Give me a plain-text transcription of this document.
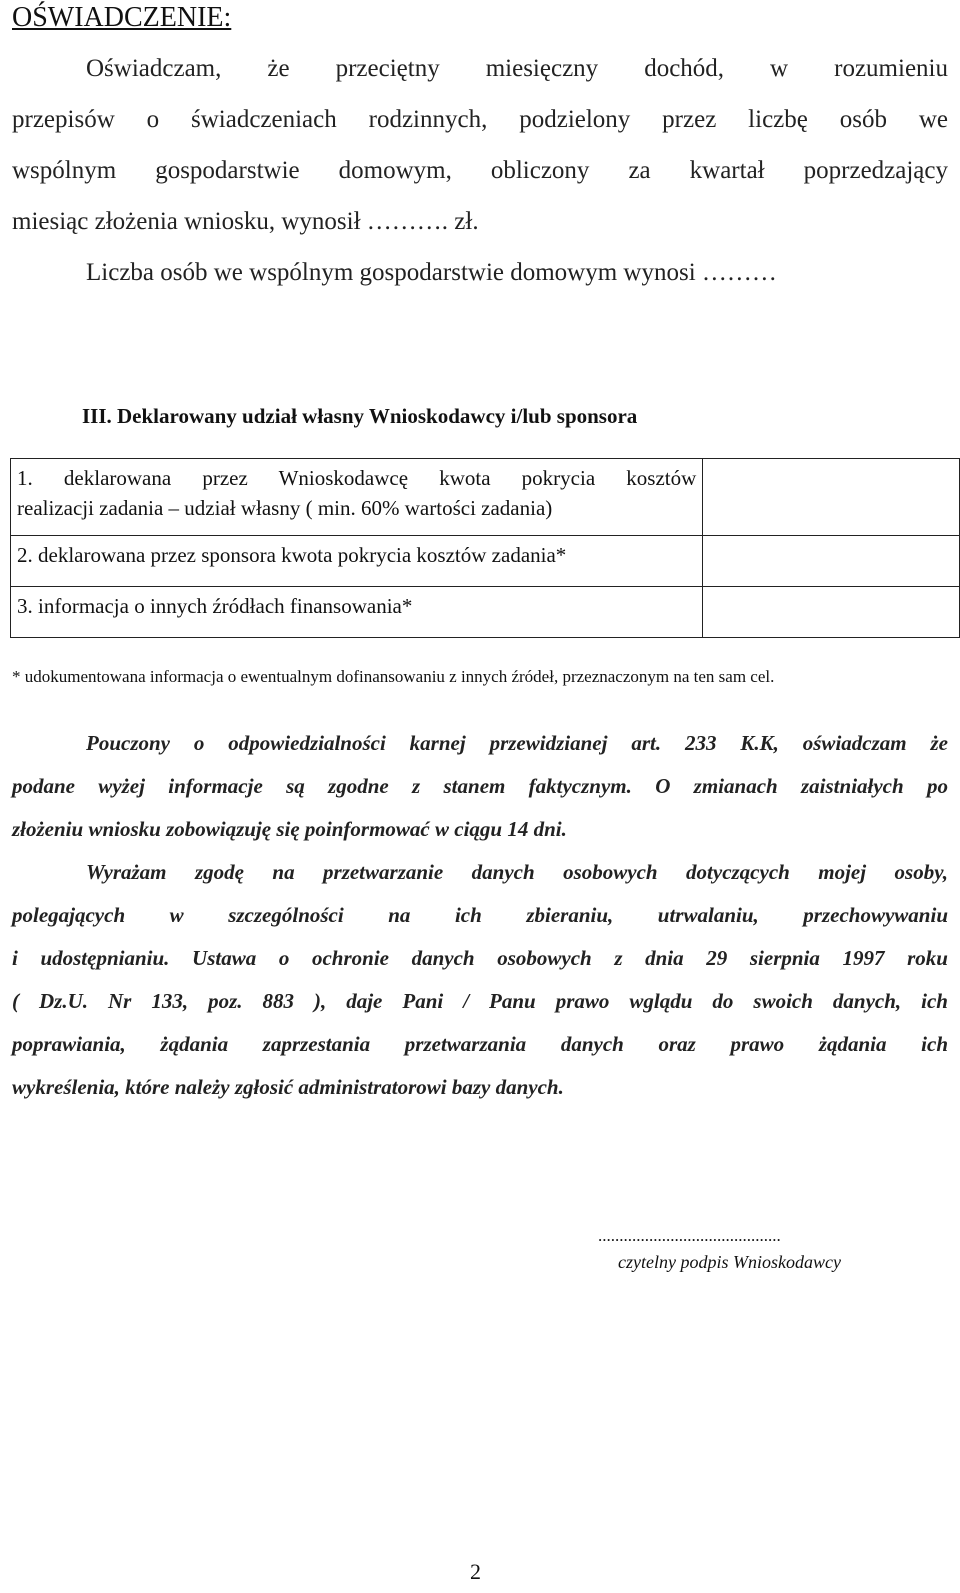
OŚWIADCZENIE:

Oświadczam, że przeciętny miesięczny dochód, w rozumieniu

przepisów o świadczeniach rodzinnych, podzielony przez liczbę osób we

wspólnym gospodarstwie domowym, obliczony za kwartał poprzedzający

miesiąc złożenia wniosku, wynosił ………. zł.

Liczba osób we wspólnym gospodarstwie domowym wynosi ………

III. Deklarowany udział własny Wnioskodawcy i/lub sponsora

1. deklarowana przez Wnioskodawcę kwota pokrycia kosztów

realizacji zadania – udział własny ( min. 60% wartości zadania)	

2. deklarowana przez sponsora kwota pokrycia kosztów zadania*	
3. informacja o innych źródłach finansowania*	
* udokumentowana informacja o ewentualnym dofinansowaniu z innych źródeł, przeznaczonym na ten sam cel.

Pouczony o odpowiedzialności karnej przewidzianej art. 233 K.K, oświadczam że

podane wyżej informacje są zgodne z stanem faktycznym. O zmianach zaistniałych po

złożeniu wniosku zobowiązuję się poinformować w ciągu 14 dni.

Wyrażam zgodę na przetwarzanie danych osobowych dotyczących mojej osoby,

polegających w szczególności na ich zbieraniu, utrwalaniu, przechowywaniu

i udostępnianiu. Ustawa o ochronie danych osobowych z dnia 29 sierpnia 1997 roku

( Dz.U. Nr 133, poz. 883 ), daje Pani / Panu prawo wglądu do swoich danych, ich

poprawiania, żądania zaprzestania przetwarzania danych oraz prawo żądania ich

wykreślenia, które należy zgłosić administratorowi bazy danych.

...........................................
czytelny podpis Wnioskodawcy
2
